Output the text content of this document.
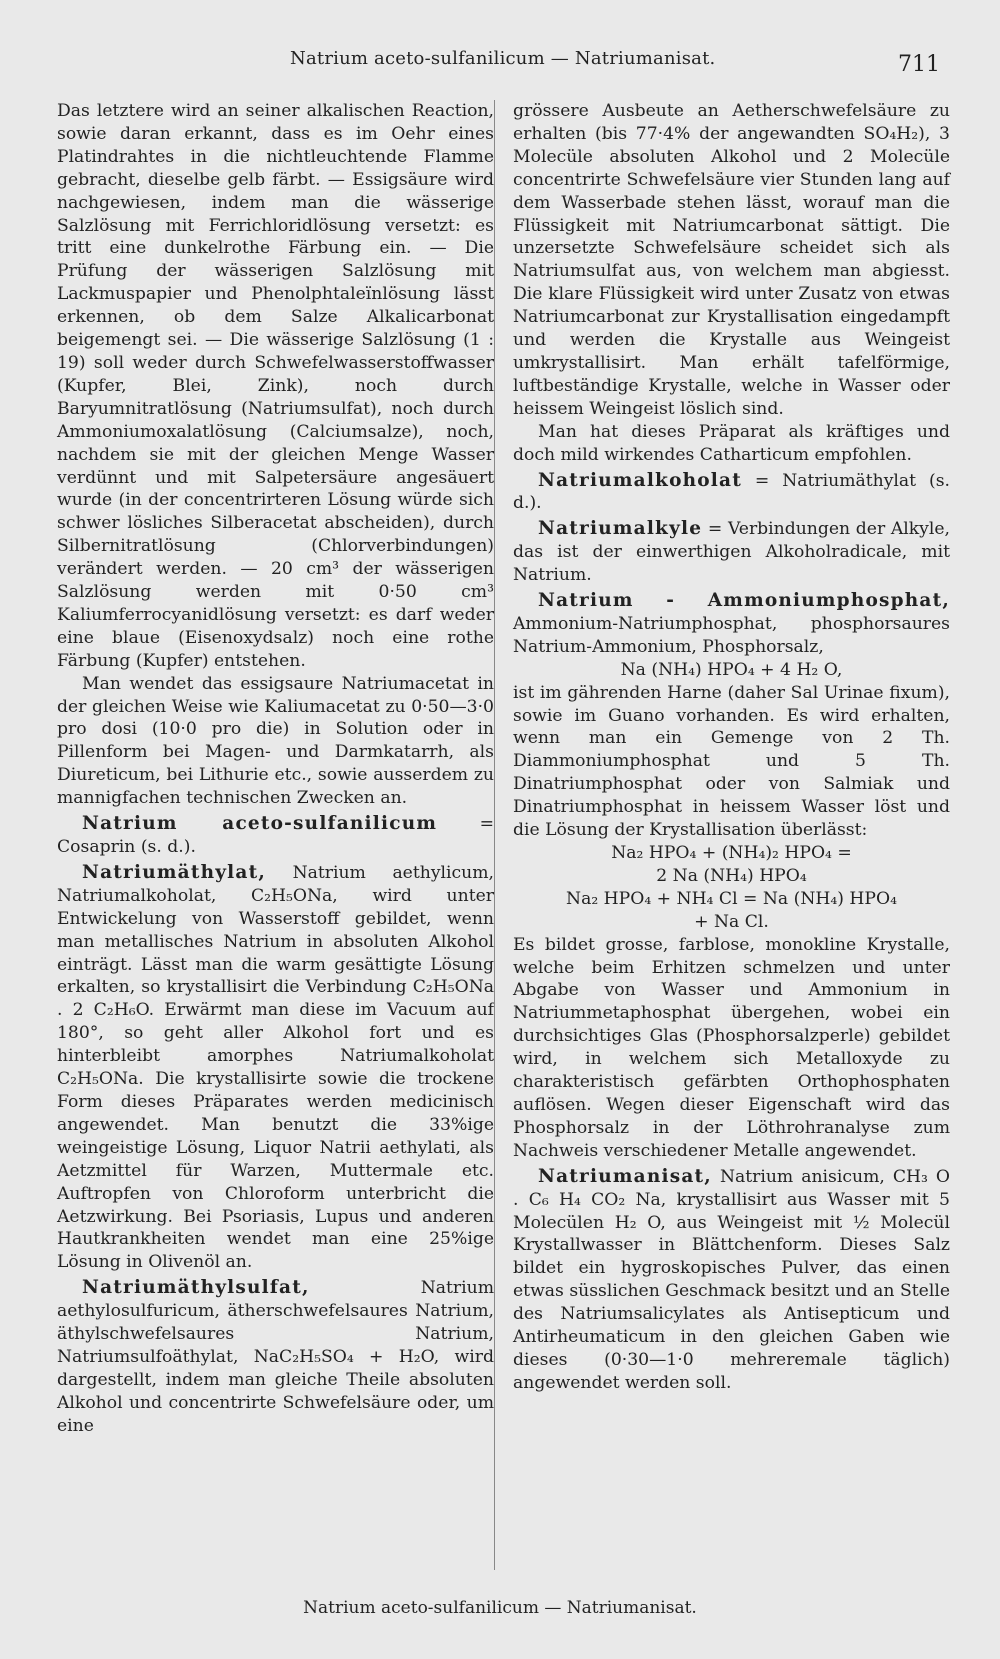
Natrium aceto-sulfanilicum — Natriumanisat.	711

Das letztere wird an seiner alkalischen Reaction, sowie daran erkannt, dass es im Oehr eines Platindrahtes in die nichtleuchtende Flamme gebracht, dieselbe gelb färbt. — Essigsäure wird nachgewiesen, indem man die wässerige Salzlösung mit Ferrichloridlösung versetzt: es tritt eine dunkelrothe Färbung ein. — Die Prüfung der wässerigen Salzlösung mit Lackmuspapier und Phenolphtaleïnlösung lässt erkennen, ob dem Salze Alkalicarbonat beigemengt sei. — Die wässerige Salzlösung (1 : 19) soll weder durch Schwefelwasserstoffwasser (Kupfer, Blei, Zink), noch durch Baryumnitratlösung (Natriumsulfat), noch durch Ammoniumoxalatlösung (Calciumsalze), noch, nachdem sie mit der gleichen Menge Wasser verdünnt und mit Salpetersäure angesäuert wurde (in der concentrirteren Lösung würde sich schwer lösliches Silberacetat abscheiden), durch Silbernitratlösung (Chlorverbindungen) verändert werden. — 20 cm³ der wässerigen Salzlösung werden mit 0·50 cm³ Kaliumferrocyanidlösung versetzt: es darf weder eine blaue (Eisenoxydsalz) noch eine rothe Färbung (Kupfer) entstehen.

Man wendet das essigsaure Natriumacetat in der gleichen Weise wie Kaliumacetat zu 0·50—3·0 pro dosi (10·0 pro die) in Solution oder in Pillenform bei Magen- und Darmkatarrh, als Diureticum, bei Lithurie etc., sowie ausserdem zu mannigfachen technischen Zwecken an.

Natrium aceto-sulfanilicum = Cosaprin (s. d.).

Natriumäthylat, Natrium aethylicum, Natriumalkoholat, C₂H₅ONa, wird unter Entwickelung von Wasserstoff gebildet, wenn man metallisches Natrium in absoluten Alkohol einträgt. Lässt man die warm gesättigte Lösung erkalten, so krystallisirt die Verbindung C₂H₅ONa . 2 C₂H₆O. Erwärmt man diese im Vacuum auf 180°, so geht aller Alkohol fort und es hinterbleibt amorphes Natriumalkoholat C₂H₅ONa. Die krystallisirte sowie die trockene Form dieses Präparates werden medicinisch angewendet. Man benutzt die 33%ige weingeistige Lösung, Liquor Natrii aethylati, als Aetzmittel für Warzen, Muttermale etc. Auftropfen von Chloroform unterbricht die Aetzwirkung. Bei Psoriasis, Lupus und anderen Hautkrankheiten wendet man eine 25%ige Lösung in Olivenöl an.

Natriumäthylsulfat,	Natrium aethylosulfuricum, ätherschwefelsaures Natrium, äthylschwefelsaures Natrium, Natriumsulfoäthylat, NaC₂H₅SO₄ + H₂O, wird dargestellt, indem man gleiche Theile absoluten Alkohol und concentrirte Schwefelsäure oder, um eine

grössere Ausbeute an Aetherschwefelsäure zu erhalten (bis 77·4% der angewandten SO₄H₂), 3 Molecüle absoluten Alkohol und 2 Molecüle concentrirte Schwefelsäure vier Stunden lang auf dem Wasserbade stehen lässt, worauf man die Flüssigkeit mit Natriumcarbonat sättigt. Die unzersetzte Schwefelsäure scheidet sich als Natriumsulfat aus, von welchem man abgiesst. Die klare Flüssigkeit wird unter Zusatz von etwas Natriumcarbonat zur Krystallisation eingedampft und werden die Krystalle aus Weingeist umkrystallisirt. Man erhält tafelförmige, luftbeständige Krystalle, welche in Wasser oder heissem Weingeist löslich sind.

Man hat dieses Präparat als kräftiges und doch mild wirkendes Catharticum empfohlen.

Natriumalkoholat = Natriumäthylat (s. d.).

Natriumalkyle = Verbindungen der Alkyle, das ist der einwerthigen Alkoholradicale, mit Natrium.

Natrium - Ammoniumphosphat, Ammonium-Natriumphosphat, phosphorsaures Natrium-Ammonium, Phosphorsalz,

Na (NH₄) HPO₄ + 4 H₂ O,

ist im gährenden Harne (daher Sal Urinae fixum), sowie im Guano vorhanden. Es wird erhalten, wenn man ein Gemenge von 2 Th. Diammoniumphosphat und 5 Th. Dinatriumphosphat oder von Salmiak und Dinatriumphosphat in heissem Wasser löst und die Lösung der Krystallisation überlässt:

Na₂ HPO₄ + (NH₄)₂ HPO₄ =

2 Na (NH₄) HPO₄

Na₂ HPO₄ + NH₄ Cl = Na (NH₄) HPO₄

+ Na Cl.

Es bildet grosse, farblose, monokline Krystalle, welche beim Erhitzen schmelzen und unter Abgabe von Wasser und Ammonium in Natriummetaphosphat übergehen, wobei ein durchsichtiges Glas (Phosphorsalzperle) gebildet wird, in welchem sich Metalloxyde zu charakteristisch gefärbten Orthophosphaten auflösen. Wegen dieser Eigenschaft wird das Phosphorsalz in der Löthrohranalyse zum Nachweis verschiedener Metalle angewendet.

Natriumanisat, Natrium anisicum, CH₃ O . C₆ H₄ CO₂ Na, krystallisirt aus Wasser mit 5 Molecülen H₂ O, aus Weingeist mit ½ Molecül Krystallwasser in Blättchenform. Dieses Salz bildet ein hygroskopisches Pulver, das einen etwas süsslichen Geschmack besitzt und an Stelle des Natriumsalicylates als Antisepticum und Antirheumaticum in den gleichen Gaben wie dieses (0·30—1·0 mehreremale täglich) angewendet werden soll.

Natrium aceto-sulfanilicum — Natriumanisat.
